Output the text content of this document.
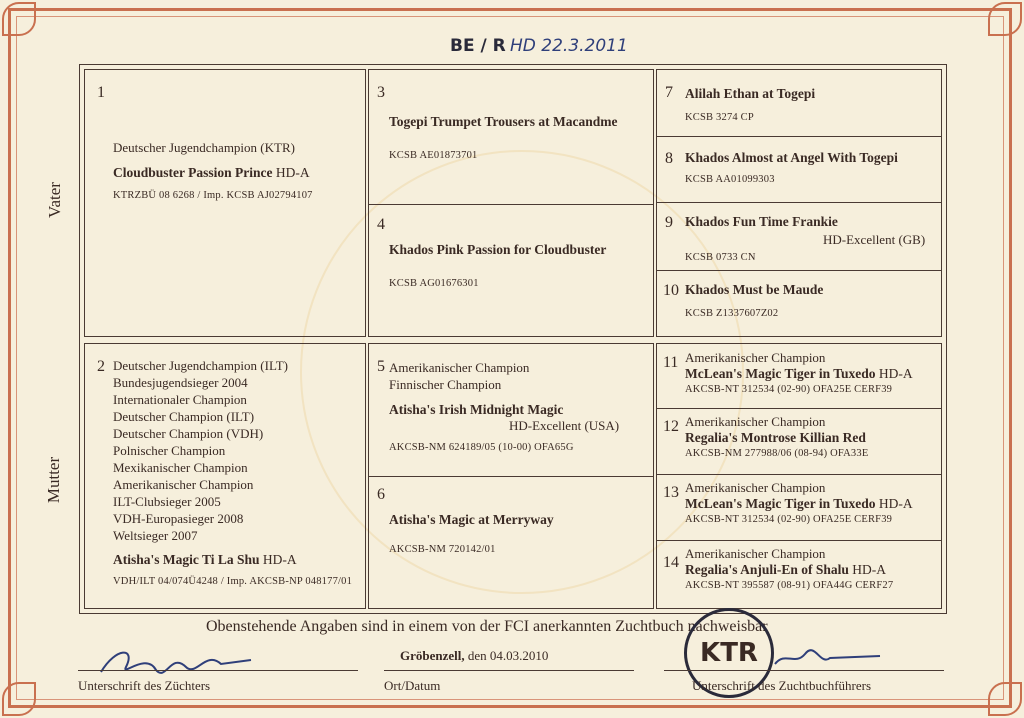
BE / R HD 22.3.2011
1
Deutscher Jugendchampion (KTR)
Cloudbuster Passion Prince HD-A
KTRZBÜ 08 6268 / Imp. KCSB AJ02794107
2 Deutscher Jugendchampion (ILT)
Bundesjugendsieger 2004
Internationaler Champion
Deutscher Champion (ILT)
Deutscher Champion (VDH)
Polnischer Champion
Mexikanischer Champion
Amerikanischer Champion
ILT-Clubsieger 2005
VDH-Europasieger 2008
Weltsieger 2007
Atisha's Magic Ti La Shu HD-A
VDH/ILT 04/074Ü4248 / Imp. AKCSB-NP 048177/01
3
Togepi Trumpet Trousers at Macandme
KCSB AE01873701
4
Khados Pink Passion for Cloudbuster
KCSB AG01676301
5 Amerikanischer Champion
Finnischer Champion
Atisha's Irish Midnight Magic
HD-Excellent (USA)
AKCSB-NM 624189/05 (10-00) OFA65G
6
Atisha's Magic at Merryway
AKCSB-NM 720142/01
7 Alilah Ethan at Togepi
KCSB 3274 CP
8 Khados Almost at Angel With Togepi
KCSB AA01099303
9 Khados Fun Time Frankie
HD-Excellent (GB)
KCSB 0733 CN
10 Khados Must be Maude
KCSB Z1337607Z02
11 Amerikanischer Champion
McLean's Magic Tiger in Tuxedo HD-A
AKCSB-NT 312534 (02-90) OFA25E CERF39
12 Amerikanischer Champion
Regalia's Montrose Killian Red
AKCSB-NM 277988/06 (08-94) OFA33E
13 Amerikanischer Champion
McLean's Magic Tiger in Tuxedo HD-A
AKCSB-NT 312534 (02-90) OFA25E CERF39
14
Amerikanischer Champion
Regalia's Anjuli-En of Shalu HD-A
AKCSB-NT 395587 (08-91) OFA44G CERF27
Vater
Mutter
Obenstehende Angaben sind in einem von der FCI anerkannten Zuchtbuch nachweisbar
Unterschrift des Züchters
Gröbenzell, den 04.03.2010
Ort/Datum
KTR
Unterschrift des Zuchtbuchführers
